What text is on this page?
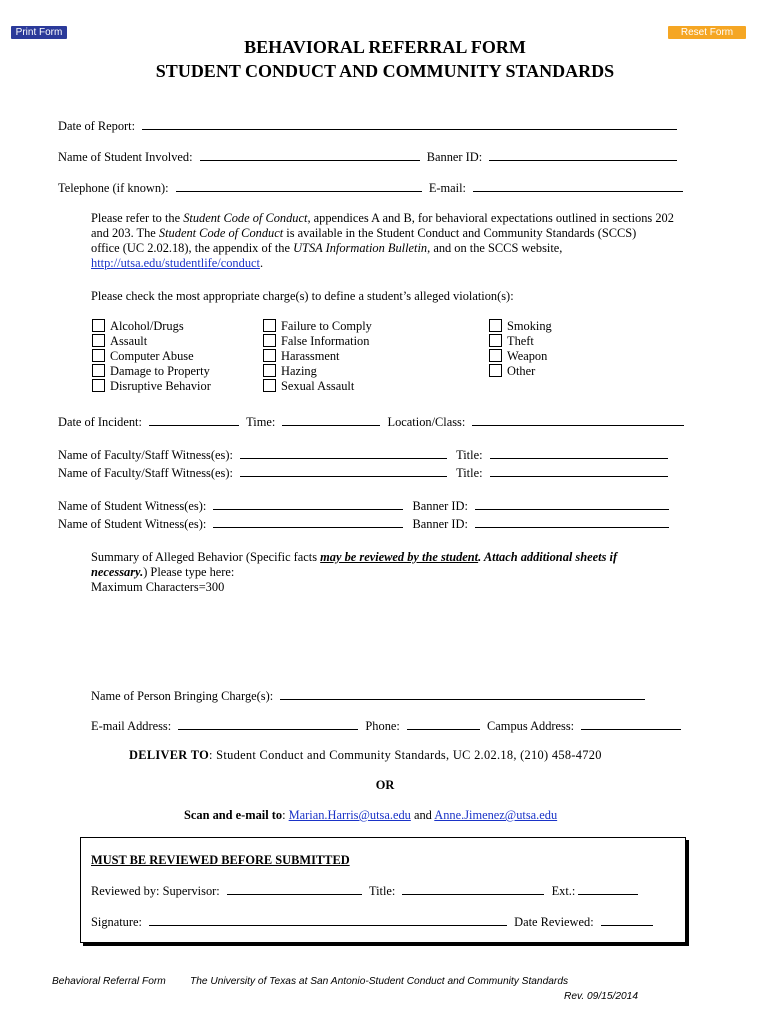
Print Form	Reset Form
BEHAVIORAL REFERRAL FORM
STUDENT CONDUCT AND COMMUNITY STANDARDS
Date of Report:
Name of Student Involved:	Banner ID:
Telephone (if known):	E-mail:
Please refer to the Student Code of Conduct, appendices A and B, for behavioral expectations outlined in sections 202
and 203. The Student Code of Conduct is available in the Student Conduct and Community Standards (SCCS)
office (UC 2.02.18), the appendix of the UTSA Information Bulletin, and on the SCCS website,
http://utsa.edu/studentlife/conduct.
Please check the most appropriate charge(s) to define a student’s alleged violation(s):
Alcohol/Drugs
Assault
Computer Abuse
Damage to Property
Disruptive Behavior
Failure to Comply
False Information
Harassment
Hazing
Sexual Assault
Smoking
Theft
Weapon
Other
Date of Incident:	Time:	Location/Class:
Name of Faculty/Staff Witness(es):	Title:
Name of Faculty/Staff Witness(es):	Title:
Name of Student Witness(es):	Banner ID:
Name of Student Witness(es):	Banner ID:
Summary of Alleged Behavior (Specific facts may be reviewed by the student. Attach additional sheets if
necessary.) Please type here:
Maximum Characters=300
Name of Person Bringing Charge(s):
E-mail Address:	Phone:	Campus Address:
DELIVER TO: Student Conduct and Community Standards, UC 2.02.18, (210) 458-4720
OR
Scan and e-mail to: Marian.Harris@utsa.edu and Anne.Jimenez@utsa.edu
MUST BE REVIEWED BEFORE SUBMITTED
Reviewed by: Supervisor:	Title:	Ext.:
Signature:	Date Reviewed:
Behavioral Referral Form The University of Texas at San Antonio-Student Conduct and Community Standards
Rev. 09/15/2014
